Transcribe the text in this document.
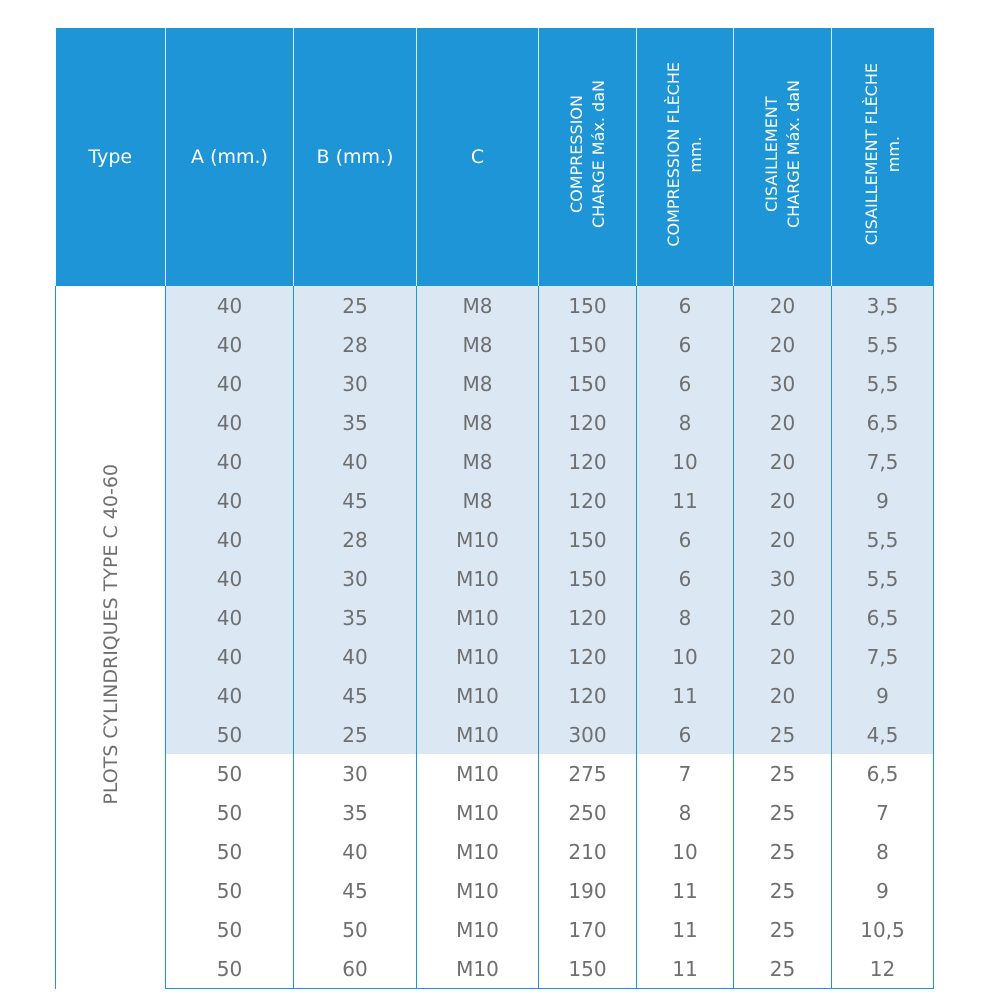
Type	A (mm.)	B (mm.)	C	COMPRESSION CHARGE Máx. daN	COMPRESSION FLÈCHE mm.	CISAILLEMENT CHARGE Máx. daN	CISAILLEMENT FLÈCHE mm.
PLOTS CYLINDRIQUES TYPE C 40-60	40	25	M8	150	6	20	3,5
	40	28	M8	150	6	20	5,5
	40	30	M8	150	6	30	5,5
	40	35	M8	120	8	20	6,5
	40	40	M8	120	10	20	7,5
	40	45	M8	120	11	20	9
	40	28	M10	150	6	20	5,5
	40	30	M10	150	6	30	5,5
	40	35	M10	120	8	20	6,5
	40	40	M10	120	10	20	7,5
	40	45	M10	120	11	20	9
	50	25	M10	300	6	25	4,5
	50	30	M10	275	7	25	6,5
	50	35	M10	250	8	25	7
	50	40	M10	210	10	25	8
	50	45	M10	190	11	25	9
	50	50	M10	170	11	25	10,5
	50	60	M10	150	11	25	12
